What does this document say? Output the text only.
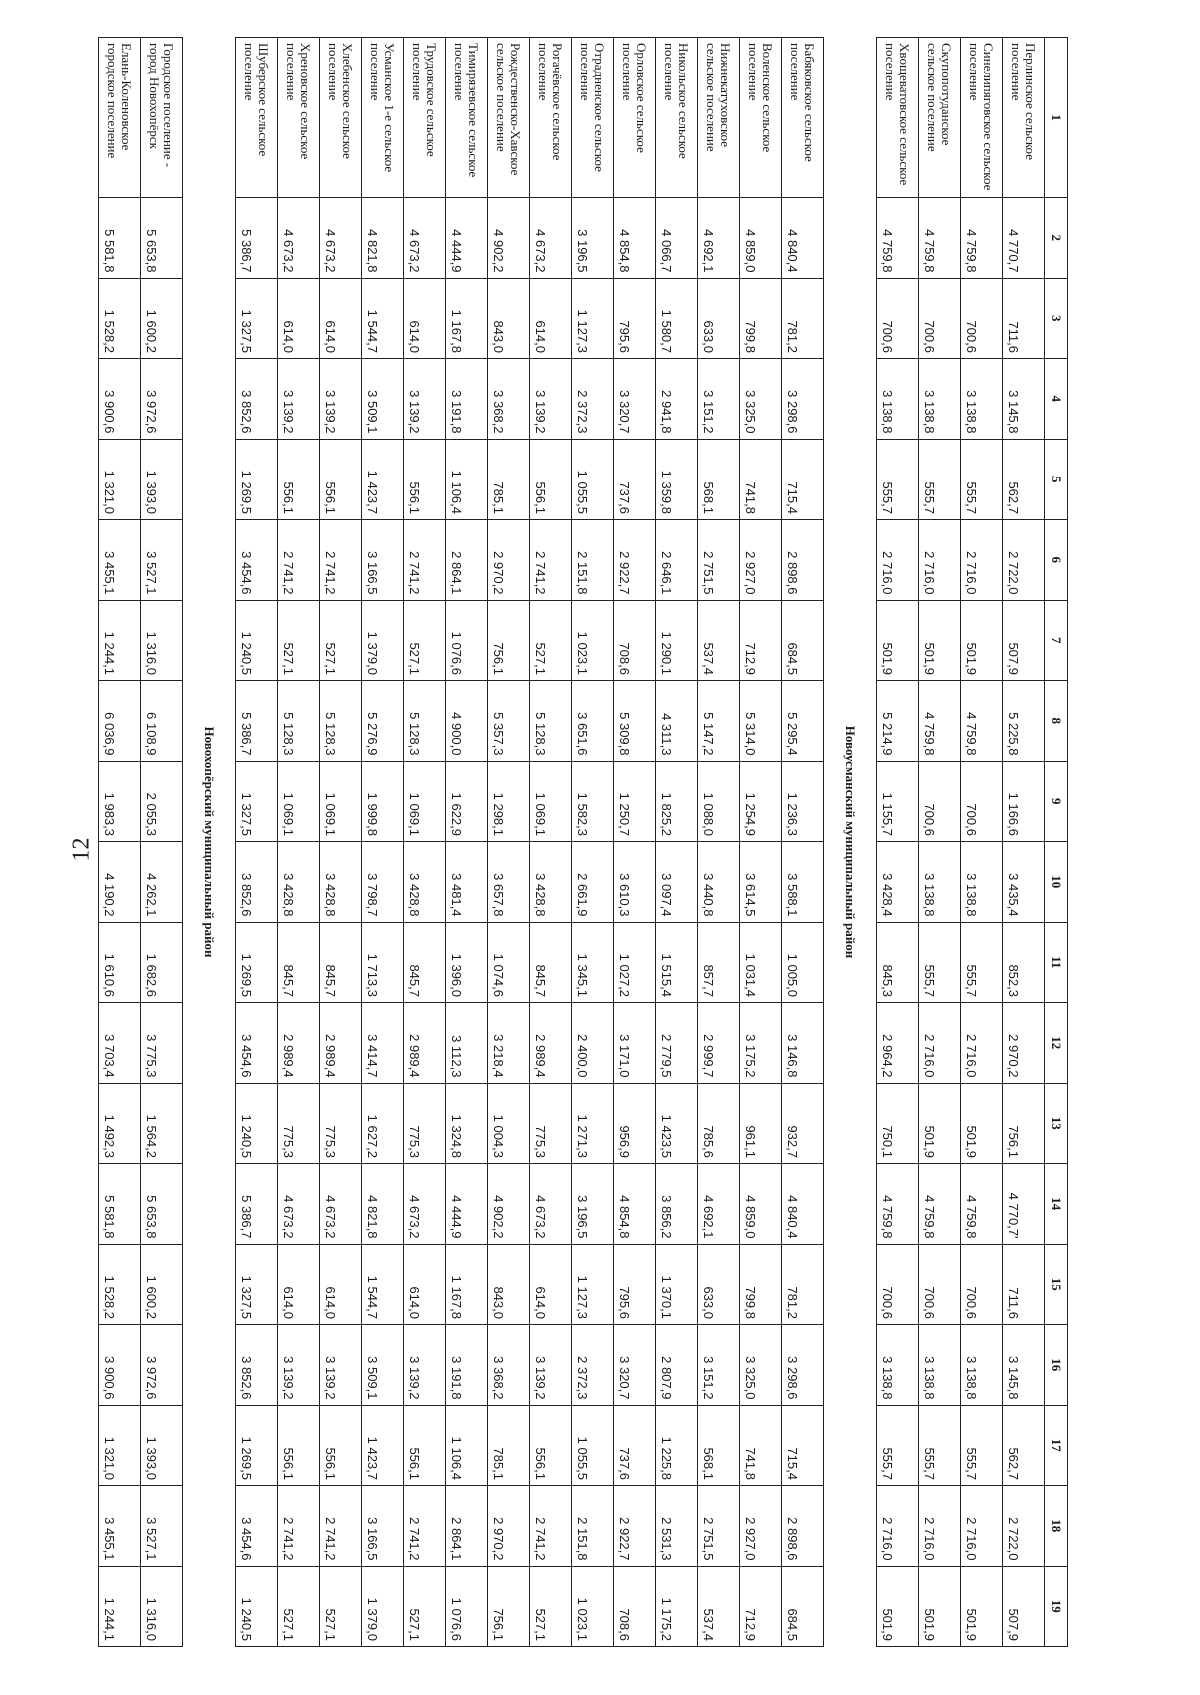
12
1	2	3	4	5	6	7	8	9	10	11	12	13	14	15	16	17	18	19
Перлинское сельское поселение	4 770,7	711,6	3 145,8	562,7	2 722,0	507,9	5 225,8	1 166,6	3 435,4	852,3	2 970,2	756,1	4 770,7'	711,6	3 145,8	562,7	2 722,0	507,9
Синелипяговское сельское поселение	4 759,8	700,6	3 138,8	555,7	2 716,0	501,9	4 759,8	700,6	3 138,8	555,7	2 716,0	501,9	4 759,8	700,6	3 138,8	555,7	2 716,0	501,9
Скупопотуданское сельское поселение	4 759,8	700,6	3 138,8	555,7	2 716,0	501,9	4 759,8	700,6	3 138,8	555,7	2 716,0	501,9	4 759,8	700,6	3 138,8	555,7	2 716,0	501,9
Хвощеватовское сельское поселение	4 759,8	700,6	3 138,8	555,7	2 716,0	501,9	5 214,9	1 155,7	3 428,4	845,3	2 964,2	750,1	4 759,8	700,6	3 138,8	555,7	2 716,0	501,9
Новоусманский муниципальный район																		
Бабяковское сельское поселение	4 840,4	781,2	3 298,6	715,4	2 898,6	684,5	5 295,4	1 236,3	3 588,1	1 005,0	3 146,8	932,7	4 840,4	781,2	3 298,6	715,4	2 898,6	684,5
Воленское сельское поселение	4 859,0	799,8	3 325,0	741,8	2 927,0	712,9	5 314,0	1 254,9	3 614,5	1 031,4	3 175,2	961,1	4 859,0	799,8	3 325,0	741,8	2 927,0	712,9
Нижнекатуховское сельское поселение	4 692,1	633,0	3 151,2	568,1	2 751,5	537,4	5 147,2	1 088,0	3 440,8	857,7	2 999,7	785,6	4 692,1	633,0	3 151,2	568,1	2 751,5	537,4
Никольское сельское поселение	4 066,7	1 580,7	2 941,8	1 359,8	2 646,1	1 290,1	4 311,3	1 825,2	3 097,4	1 515,4	2 779,5	1 423,5	3 856,2	1 370,1	2 807,9	1 225,8	2 531,3	1 175,2
Орловское сельское поселение	4 854,8	795,6	3 320,7	737,6	2 922,7	708,6	5 309,8	1 250,7	3 610,3	1 027,2	3 171,0	956,9	4 854,8	795,6	3 320,7	737,6	2 922,7	708,6
Отрадненское сельское поселение	3 196,5	1 127,3	2 372,3	1 055,5	2 151,8	1 023,1	3 651,6	1 582,3	2 661,9	1 345,1	2 400,0	1 271,3	3 196,5	1 127,3	2 372,3	1 055,5	2 151,8	1 023,1
Рогачёвское сельское поселение	4 673,2	614,0	3 139,2	556,1	2 741,2	527,1	5 128,3	1 069,1	3 428,8	845,7	2 989,4	775,3	4 673,2	614,0	3 139,2	556,1	2 741,2	527,1
Рождественско-Хавское сельское поселение	4 902,2	843,0	3 368,2	785,1	2 970,2	756,1	5 357,3	1 298,1	3 657,8	1 074,6	3 218,4	1 004,3	4 902,2	843,0	3 368,2	785,1	2 970,2	756,1
Тимирязевское сельское поселение	4 444,9	1 167,8	3 191,8	1 106,4	2 864,1	1 076,6	4 900,0	1 622,9	3 481,4	1 396,0	3 112,3	1 324,8	4 444,9	1 167,8	3 191,8	1 106,4	2 864,1	1 076,6
Трудовское сельское поселение	4 673,2	614,0	3 139,2	556,1	2 741,2	527,1	5 128,3	1 069,1	3 428,8	845,7	2 989,4	775,3	4 673,2	614,0	3 139,2	556,1	2 741,2	527,1
Усманское 1-е сельское поселение	4 821,8	1 544,7	3 509,1	1 423,7	3 166,5	1 379,0	5 276,9	1 999,8	3 798,7	1 713,3	3 414,7	1 627,2	4 821,8	1 544,7	3 509,1	1 423,7	3 166,5	1 379,0
Хлебенское сельское поселение	4 673,2	614,0	3 139,2	556,1	2 741,2	527,1	5 128,3	1 069,1	3 428,8	845,7	2 989,4	775,3	4 673,2	614,0	3 139,2	556,1	2 741,2	527,1
Хреновское сельское поселение	4 673,2	614,0	3 139,2	556,1	2 741,2	527,1	5 128,3	1 069,1	3 428,8	845,7	2 989,4	775,3	4 673,2	614,0	3 139,2	556,1	2 741,2	527,1
Шуберское сельское поселение	5 386,7	1 327,5	3 852,6	1 269,5	3 454,6	1 240,5	5 386,7	1 327,5	3 852,6	1 269,5	3 454,6	1 240,5	5 386,7	1 327,5	3 852,6	1 269,5	3 454,6	1 240,5
Новохопёрский муниципальный район																		
Городское поселение - город Новохопёрск	5 653,8	1 600,2	3 972,6	1 393,0	3 527,1	1 316,0	6 108,9	2 055,3	4 262,1	1 682,6	3 775,3	1 564,2	5 653,8	1 600,2	3 972,6	1 393,0	3 527,1	1 316,0
Елань-Коленовское городское поселение	5 581,8	1 528,2	3 900,6	1 321,0	3 455,1	1 244,1	6 036,9	1 983,3	4 190,2	1 610,6	3 703,4	1 492,3	5 581,8	1 528,2	3 900,6	1 321,0	3 455,1	1 244,1
